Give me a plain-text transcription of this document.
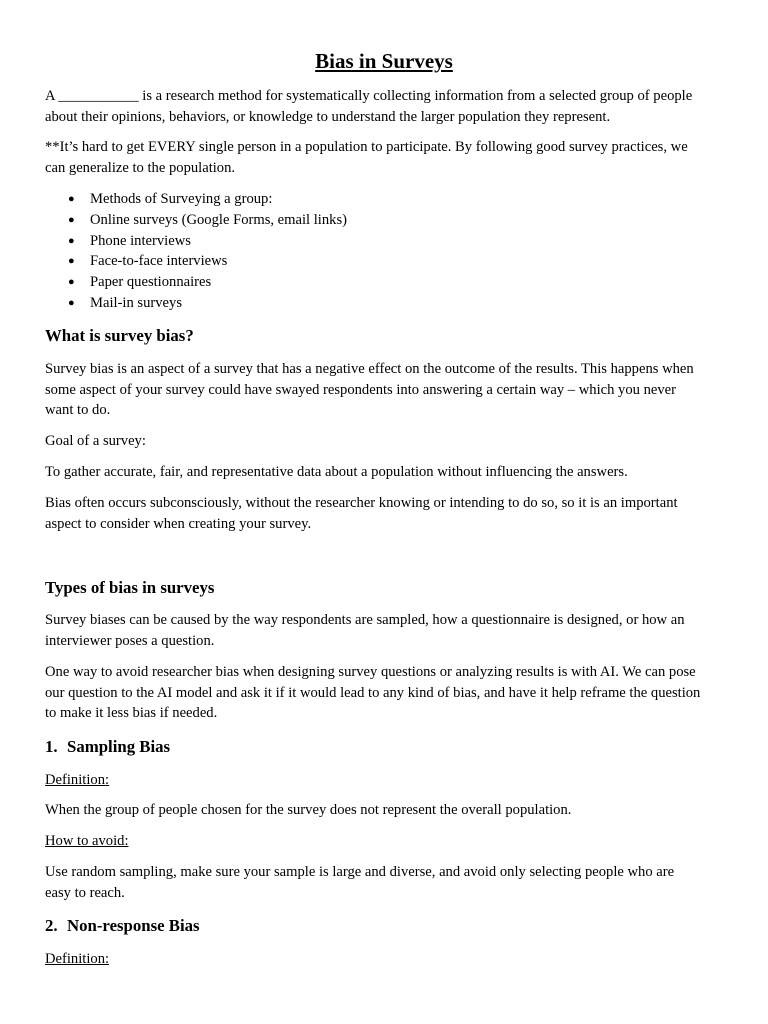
Bias in Surveys

A ___________ is a research method for systematically collecting information from a selected group of people
about their opinions, behaviors, or knowledge to understand the larger population they represent.

**It’s hard to get EVERY single person in a population to participate. By following good survey practices, we
can generalize to the population.

● Methods of Surveying a group:
● Online surveys (Google Forms, email links)
● Phone interviews
● Face-to-face interviews
● Paper questionnaires
● Mail-in surveys
What is survey bias?

Survey bias is an aspect of a survey that has a negative effect on the outcome of the results. This happens when
some aspect of your survey could have swayed respondents into answering a certain way – which you never
want to do.

Goal of a survey:

To gather accurate, fair, and representative data about a population without influencing the answers.

Bias often occurs subconsciously, without the researcher knowing or intending to do so, so it is an important
aspect to consider when creating your survey.

Types of bias in surveys

Survey biases can be caused by the way respondents are sampled, how a questionnaire is designed, or how an
interviewer poses a question.

One way to avoid researcher bias when designing survey questions or analyzing results is with AI. We can pose
our question to the AI model and ask it if it would lead to any kind of bias, and have it help reframe the question
to make it less bias if needed.

1. Sampling Bias

Definition:

When the group of people chosen for the survey does not represent the overall population.

How to avoid:

Use random sampling, make sure your sample is large and diverse, and avoid only selecting people who are
easy to reach.

2. Non-response Bias

Definition:
